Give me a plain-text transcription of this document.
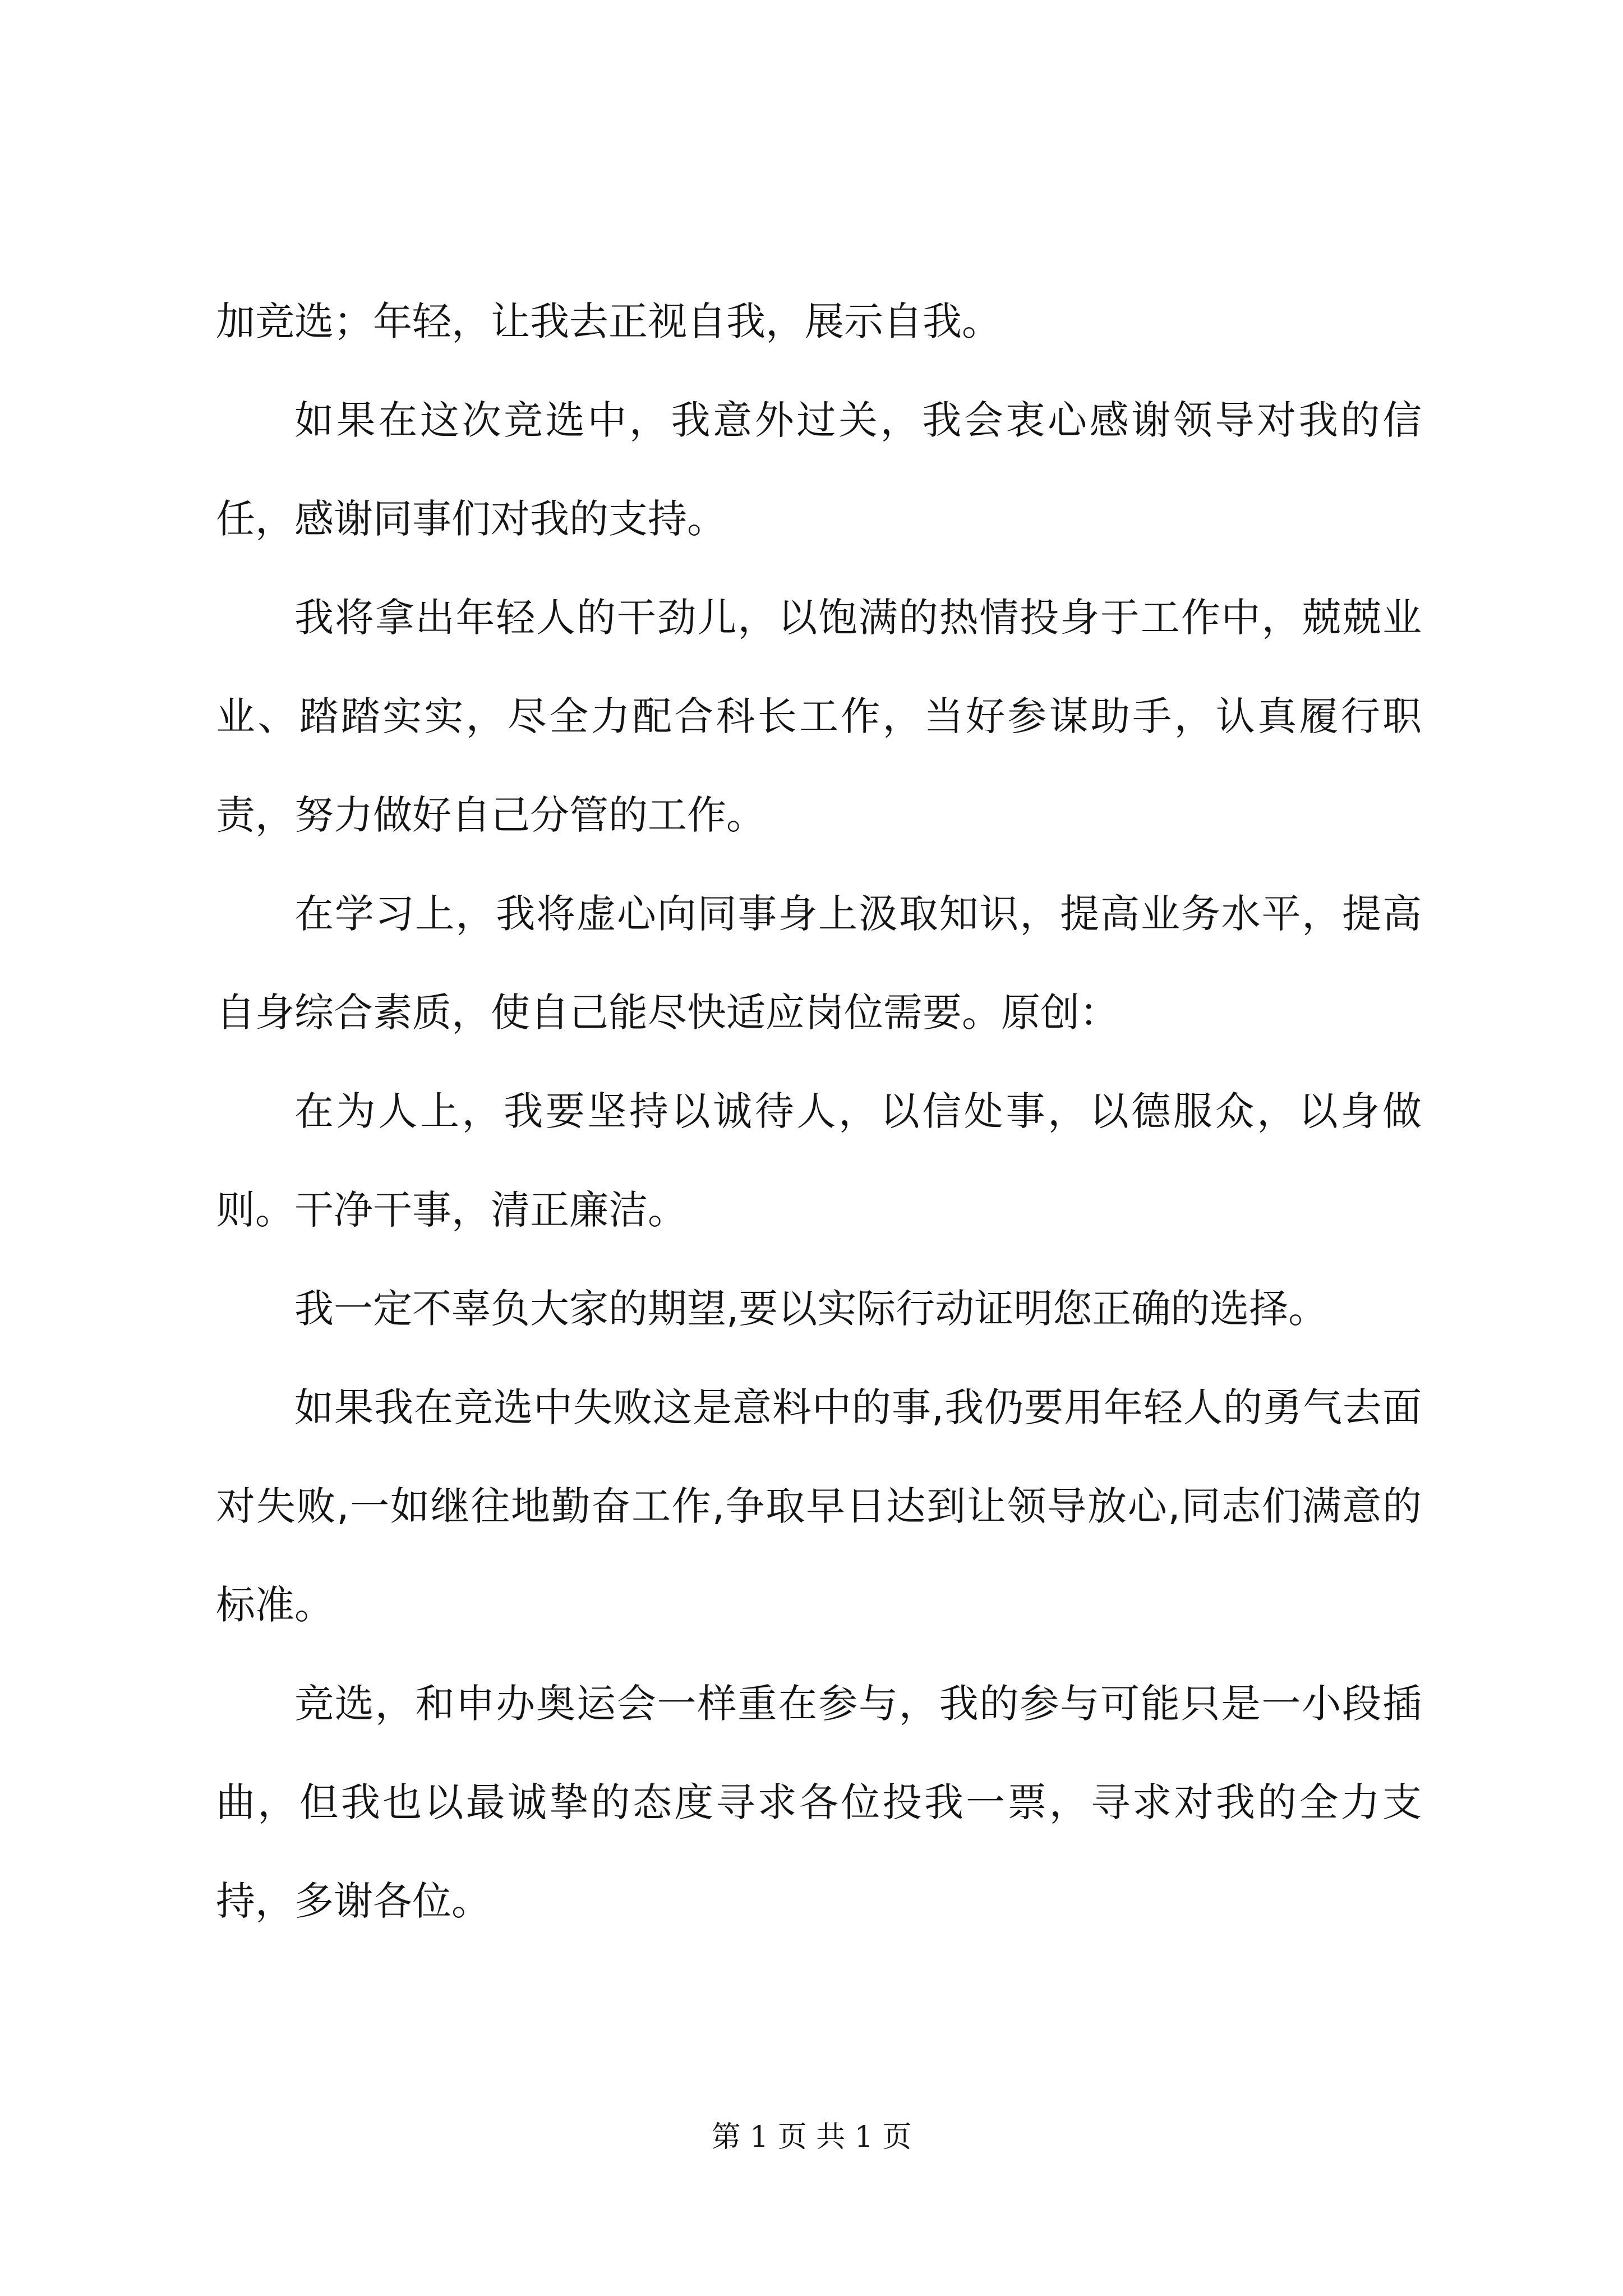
加竞选；年轻，让我去正视自我，展示自我。

如果在这次竞选中，我意外过关，我会衷心感谢领导对我的信任，感谢同事们对我的支持。

我将拿出年轻人的干劲儿，以饱满的热情投身于工作中，兢兢业业、踏踏实实，尽全力配合科长工作，当好参谋助手，认真履行职责，努力做好自己分管的工作。

在学习上，我将虚心向同事身上汲取知识，提高业务水平，提高自身综合素质，使自己能尽快适应岗位需要。原创：

在为人上，我要坚持以诚待人，以信处事，以德服众，以身做则。干净干事，清正廉洁。

我一定不辜负大家的期望,要以实际行动证明您正确的选择。

如果我在竞选中失败这是意料中的事,我仍要用年轻人的勇气去面对失败,一如继往地勤奋工作,争取早日达到让领导放心,同志们满意的标准。

竞选，和申办奥运会一样重在参与，我的参与可能只是一小段插曲，但我也以最诚挚的态度寻求各位投我一票，寻求对我的全力支持，多谢各位。

第 1 页 共 1 页
